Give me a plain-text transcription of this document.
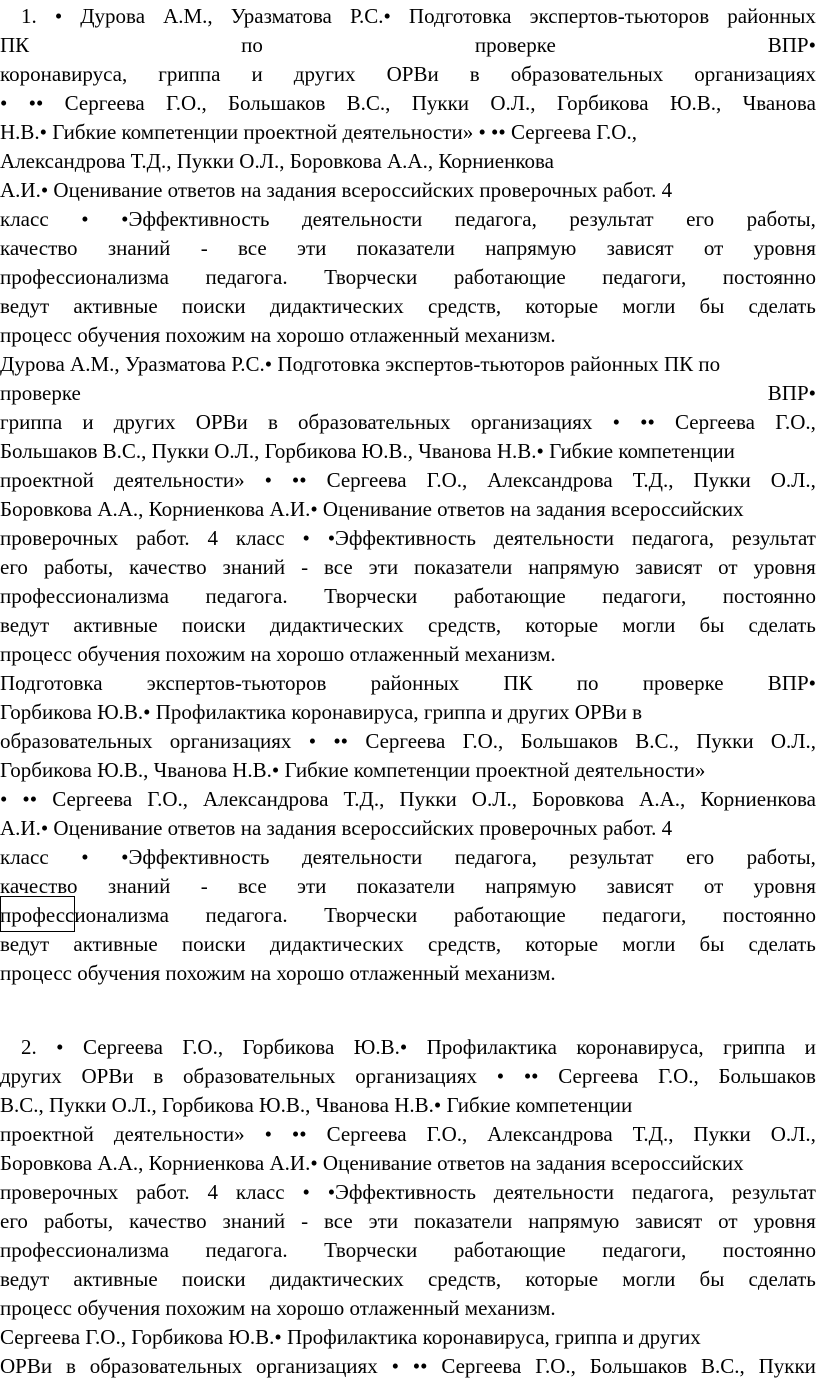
1. • Дурова А.М., Уразматова Р.С.• Подготовка экспертов-тьюторов районных
ПК	по	проверке	ВПР•
коронавируса, гриппа и других ОРВи в образовательных организациях
• •• Сергеева Г.О., Большаков В.С., Пукки О.Л., Горбикова Ю.В., Чванова
Н.В.• Гибкие компетенции проектной деятельности» • •• Сергеева Г.О.,
Александрова Т.Д., Пукки О.Л., Боровкова А.А., Корниенкова
А.И.• Оценивание ответов на задания всероссийских проверочных работ. 4
класс • •Эффективность деятельности педагога, результат его работы,
качество знаний - все эти показатели напрямую зависят от уровня
профессионализма педагога. Творчески работающие педагоги, постоянно
ведут активные поиски дидактических средств, которые могли бы сделать
процесс обучения похожим на хорошо отлаженный механизм.
Дурова А.М., Уразматова Р.С.• Подготовка экспертов-тьюторов районных ПК по
проверке	ВПР•
гриппа и других ОРВи в образовательных организациях • •• Сергеева Г.О.,
Большаков В.С., Пукки О.Л., Горбикова Ю.В., Чванова Н.В.• Гибкие компетенции
проектной деятельности» • •• Сергеева Г.О., Александрова Т.Д., Пукки О.Л.,
Боровкова А.А., Корниенкова А.И.• Оценивание ответов на задания всероссийских
проверочных работ. 4 класс • •Эффективность деятельности педагога, результат
его работы, качество знаний - все эти показатели напрямую зависят от уровня
профессионализма педагога. Творчески работающие педагоги, постоянно
ведут активные поиски дидактических средств, которые могли бы сделать
процесс обучения похожим на хорошо отлаженный механизм.
Подготовка экспертов-тьюторов районных ПК по проверке ВПР•
Горбикова Ю.В.• Профилактика коронавируса, гриппа и других ОРВи в
образовательных организациях • •• Сергеева Г.О., Большаков В.С., Пукки О.Л.,
Горбикова Ю.В., Чванова Н.В.• Гибкие компетенции проектной деятельности»
• •• Сергеева Г.О., Александрова Т.Д., Пукки О.Л., Боровкова А.А., Корниенкова
А.И.• Оценивание ответов на задания всероссийских проверочных работ. 4
класс • •Эффективность деятельности педагога, результат его работы,
качество знаний - все эти показатели напрямую зависят от уровня
профессионализма педагога. Творчески работающие педагоги, постоянно
ведут активные поиски дидактических средств, которые могли бы сделать
процесс обучения похожим на хорошо отлаженный механизм.
2. • Сергеева Г.О., Горбикова Ю.В.• Профилактика коронавируса, гриппа и
других ОРВи в образовательных организациях • •• Сергеева Г.О., Большаков
В.С., Пукки О.Л., Горбикова Ю.В., Чванова Н.В.• Гибкие компетенции
проектной деятельности» • •• Сергеева Г.О., Александрова Т.Д., Пукки О.Л.,
Боровкова А.А., Корниенкова А.И.• Оценивание ответов на задания всероссийских
проверочных работ. 4 класс • •Эффективность деятельности педагога, результат
его работы, качество знаний - все эти показатели напрямую зависят от уровня
профессионализма педагога. Творчески работающие педагоги, постоянно
ведут активные поиски дидактических средств, которые могли бы сделать
процесс обучения похожим на хорошо отлаженный механизм.
Сергеева Г.О., Горбикова Ю.В.• Профилактика коронавируса, гриппа и других
ОРВи в образовательных организациях • •• Сергеева Г.О., Большаков В.С., Пукки
